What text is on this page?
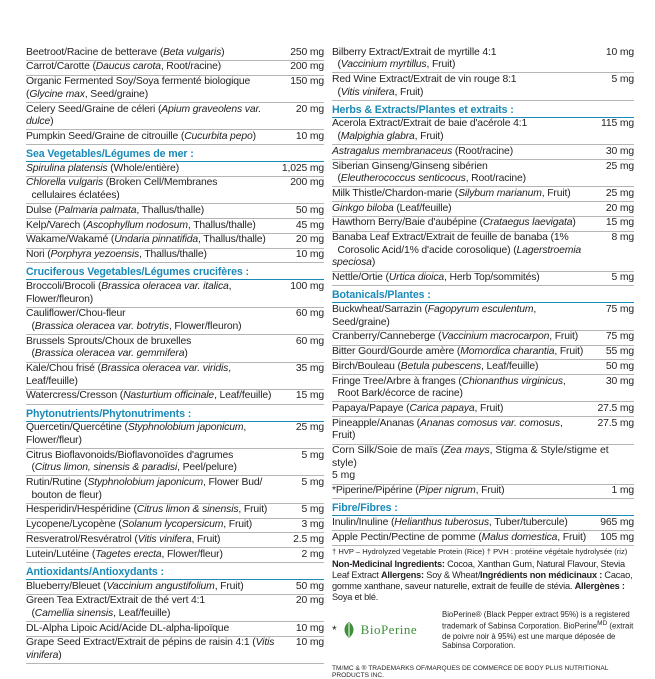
Beetroot/Racine de betterave (Beta vulgaris)	250 mg
Carrot/Carotte (Daucus carota, Root/racine)	200 mg
Organic Fermented Soy/Soya fermenté biologique
(Glycine max, Seed/graine)
150 mg
Celery Seed/Graine de céleri (Apium graveolens var. dulce)
20 mg
Pumpkin Seed/Graine de citrouille (Cucurbita pepo)	10 mg
Sea Vegetables/Légumes de mer :
Spirulina platensis (Whole/entière)	1,025 mg
Chlorella vulgaris (Broken Cell/Membranes
cellulaires éclatées)
200 mg
Dulse (Palmaria palmata, Thallus/thalle)	50 mg
Kelp/Varech (Ascophyllum nodosum, Thallus/thalle)	45 mg
Wakame/Wakamé (Undaria pinnatifida, Thallus/thalle)	20 mg
Nori (Porphyra yezoensis, Thallus/thalle)	10 mg
Cruciferous Vegetables/Légumes crucifères :
Broccoli/Brocoli (Brassica oleracea var. italica, Flower/fleuron)
100 mg
Cauliflower/Chou-fleur
(Brassica oleracea var. botrytis, Flower/fleuron)
60 mg
Brussels Sprouts/Choux de bruxelles
(Brassica oleracea var. gemmifera)
60 mg
Kale/Chou frisé (Brassica oleracea var. viridis, Leaf/feuille)
35 mg
Watercress/Cresson (Nasturtium officinale, Leaf/feuille)	15 mg
Phytonutrients/Phytonutriments :
Quercetin/Quercétine (Styphnolobium japonicum, Flower/fleur)
25 mg
Citrus Bioflavonoids/Bioflavonoïdes d'agrumes
(Citrus limon, sinensis & paradisi, Peel/pelure)
5 mg
Rutin/Rutine (Styphnolobium japonicum, Flower Bud/
bouton de fleur)
5 mg
Hesperidin/Hespéridine (Citrus limon & sinensis, Fruit)	5 mg
Lycopene/Lycopène (Solanum lycopersicum, Fruit)	3 mg
Resveratrol/Resvératrol (Vitis vinifera, Fruit)	2.5 mg
Lutein/Lutéine (Tagetes erecta, Flower/fleur)	2 mg
Antioxidants/Antioxydants :
Blueberry/Bleuet (Vaccinium angustifolium, Fruit)	50 mg
Green Tea Extract/Extrait de thé vert 4:1
(Camellia sinensis, Leaf/feuille)
20 mg
DL-Alpha Lipoic Acid/Acide DL-alpha-lipoïque	10 mg
Grape Seed Extract/Extrait de pépins de raisin 4:1 (Vitis vinifera)
10 mg
Bilberry Extract/Extrait de myrtille 4:1
(Vaccinium myrtillus, Fruit)
10 mg
Red Wine Extract/Extrait de vin rouge 8:1
(Vitis vinifera, Fruit)
5 mg
Herbs & Extracts/Plantes et extraits :
Acerola Extract/Extrait de baie d'acérole 4:1
(Malpighia glabra, Fruit)
115 mg
Astragalus membranaceus (Root/racine)	30 mg
Siberian Ginseng/Ginseng sibérien
(Eleutherococcus senticocus, Root/racine)
25 mg
Milk Thistle/Chardon-marie (Silybum marianum, Fruit)	25 mg
Ginkgo biloba (Leaf/feuille)	20 mg
Hawthorn Berry/Baie d'aubépine (Crataegus laevigata)	15 mg
Banaba Leaf Extract/Extrait de feuille de banaba (1%
Corosolic Acid/1% d'acide corosolique) (Lagerstroemia speciosa)
8 mg
Nettle/Ortie (Urtica dioica, Herb Top/sommités)	5 mg
Botanicals/Plantes :
Buckwheat/Sarrazin (Fagopyrum esculentum, Seed/graine)
75 mg
Cranberry/Canneberge (Vaccinium macrocarpon, Fruit)	75 mg
Bitter Gourd/Gourde amère (Momordica charantia, Fruit)	55 mg
Birch/Bouleau (Betula pubescens, Leaf/feuille)	50 mg
Fringe Tree/Arbre à franges (Chionanthus virginicus,
Root Bark/écorce de racine)
30 mg
Papaya/Papaye (Carica papaya, Fruit)	27.5 mg
Pineapple/Ananas (Ananas comosus var. comosus, Fruit)
27.5 mg
Corn Silk/Soie de maïs (Zea mays, Stigma & Style/stigme et style)
5 mg
*Piperine/Pipérine (Piper nigrum, Fruit)	1 mg
Fibre/Fibres :
Inulin/Inuline (Helianthus tuberosus, Tuber/tubercule)	965 mg
Apple Pectin/Pectine de pomme (Malus domestica, Fruit)	105 mg
† HVP – Hydrolyzed Vegetable Protein (Rice) † PVH : protéine végétale hydrolysée (riz)
Non-Medicinal Ingredients: Cocoa, Xanthan Gum, Natural Flavour, Stevia Leaf Extract Allergens: Soy & Wheat/Ingrédients non médicinaux : Cacao, gomme xanthane, saveur naturelle, extrait de feuille de stévia. Allergènes : Soya et blé.
* BioPerine
BioPerine® (Black Pepper extract 95%) is a registered trademark of Sabinsa Corporation. BioPerine$^{MD}$ (extrait de poivre noir à 95%) est une marque déposée de Sabinsa Corporation.
TM/MC & ® TRADEMARKS OF/MARQUES DE COMMERCE DE BODY PLUS NUTRITIONAL PRODUCTS INC.
